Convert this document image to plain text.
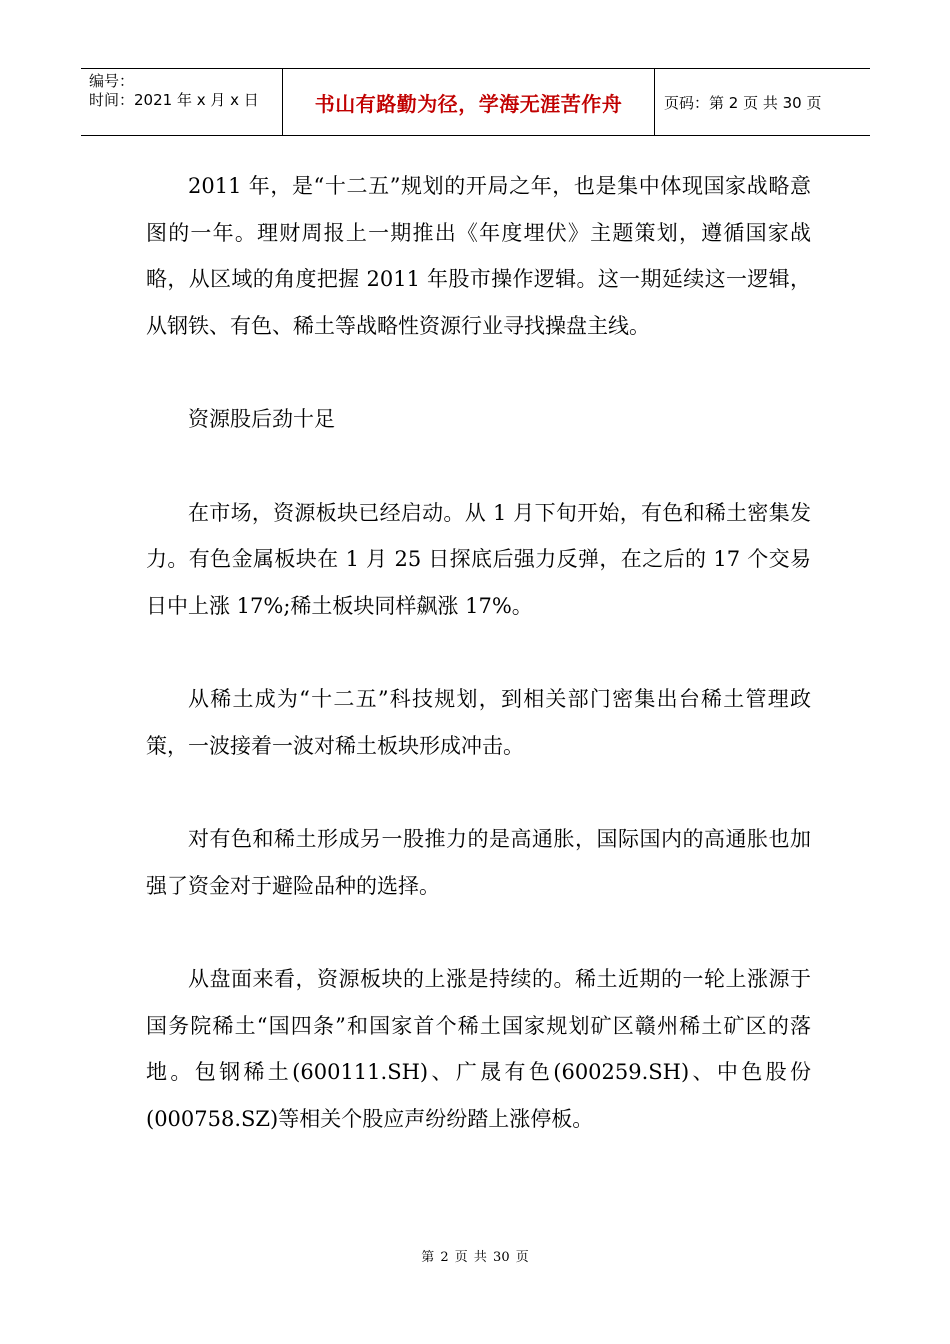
编号：
时间：2021 年 x 月 x 日	书山有路勤为径，学海无涯苦作舟	页码：第 2 页 共 30 页

2011 年，是“十二五”规划的开局之年，也是集中体现国家战略意图的一年。理财周报上一期推出《年度埋伏》主题策划，遵循国家战略，从区域的角度把握 2011 年股市操作逻辑。这一期延续这一逻辑，从钢铁、有色、稀土等战略性资源行业寻找操盘主线。

资源股后劲十足

在市场，资源板块已经启动。从 1 月下旬开始，有色和稀土密集发力。有色金属板块在 1 月 25 日探底后强力反弹，在之后的 17 个交易日中上涨 17%;稀土板块同样飙涨 17%。

从稀土成为“十二五”科技规划，到相关部门密集出台稀土管理政策，一波接着一波对稀土板块形成冲击。

对有色和稀土形成另一股推力的是高通胀，国际国内的高通胀也加强了资金对于避险品种的选择。

从盘面来看，资源板块的上涨是持续的。稀土近期的一轮上涨源于国务院稀土“国四条”和国家首个稀土国家规划矿区赣州稀土矿区的落地。包钢稀土(600111.SH)、广晟有色(600259.SH)、中色股份(000758.SZ)等相关个股应声纷纷踏上涨停板。

第 2 页 共 30 页
